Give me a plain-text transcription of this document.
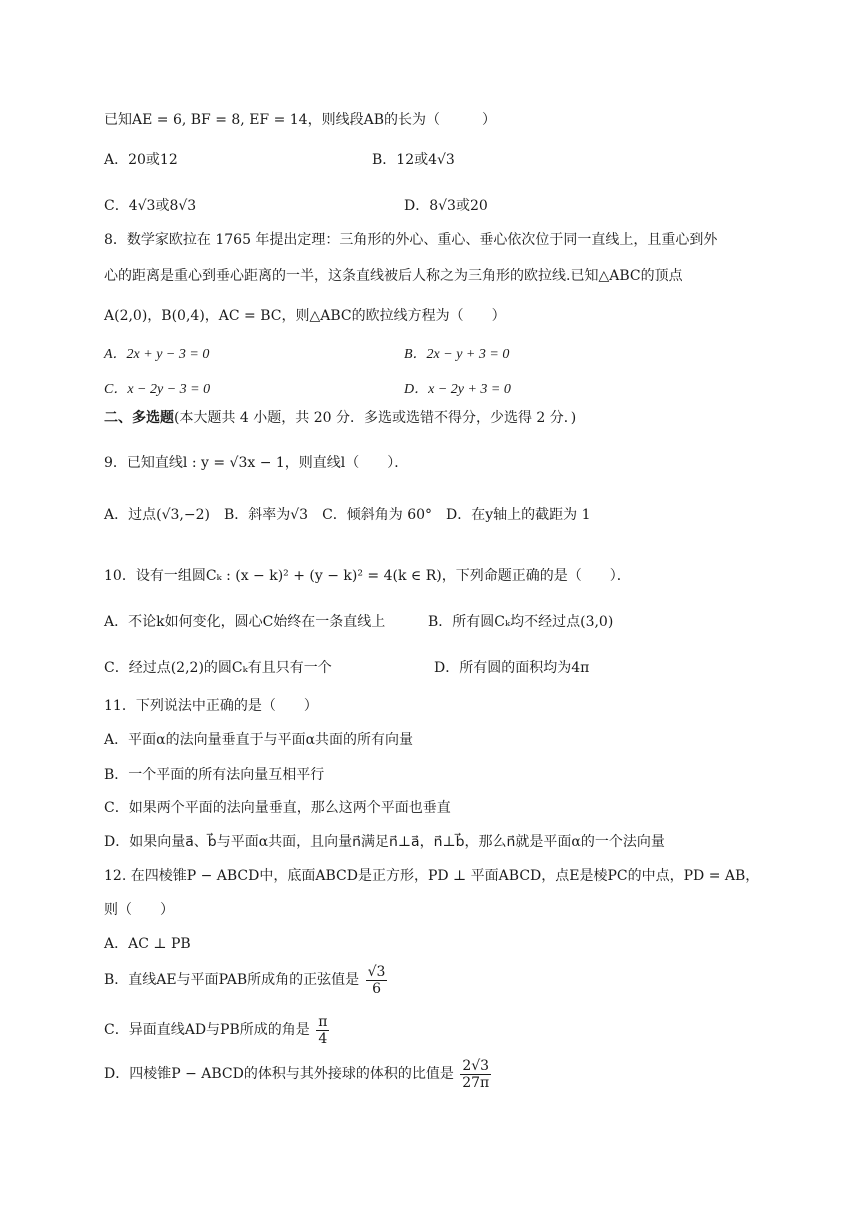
已知AE = 6, BF = 8, EF = 14，则线段AB的长为（　　　）
A．20或12	B．12或4√3
C．4√3或8√3	D．8√3或20
8．数学家欧拉在 1765 年提出定理：三角形的外心、重心、垂心依次位于同一直线上，且重心到外
心的距离是重心到垂心距离的一半，这条直线被后人称之为三角形的欧拉线.已知△ABC的顶点
A(2,0)，B(0,4)，AC = BC，则△ABC的欧拉线方程为（　　）
A．2x + y − 3 = 0	B．2x − y + 3 = 0
C．x − 2y − 3 = 0	D．x − 2y + 3 = 0
二、多选题(本大题共 4 小题，共 20 分．多选或选错不得分，少选得 2 分．)
9．已知直线l : y = √3x − 1，则直线l（　　）．
A．过点(√3,−2)　B．斜率为√3　C．倾斜角为 60°　D．在y轴上的截距为 1
10．设有一组圆Cₖ : (x − k)² + (y − k)² = 4(k ∈ R)，下列命题正确的是（　　）．
A．不论k如何变化，圆心C始终在一条直线上	B．所有圆Cₖ均不经过点(3,0)
C．经过点(2,2)的圆Cₖ有且只有一个	D．所有圆的面积均为4π
11．下列说法中正确的是（　　）
A．平面α的法向量垂直于与平面α共面的所有向量
B．一个平面的所有法向量互相平行
C．如果两个平面的法向量垂直，那么这两个平面也垂直
D．如果向量a⃗、b⃗与平面α共面，且向量n⃗满足n⃗⊥a⃗，n⃗⊥b⃗，那么n⃗就是平面α的一个法向量
12. 在四棱锥P − ABCD中，底面ABCD是正方形，PD ⊥ 平面ABCD，点E是棱PC的中点，PD = AB，
则（　　）
A．AC ⊥ PB
B．直线AE与平面PAB所成角的正弦值是 $\frac{√3}{6}$
C．异面直线AD与PB所成的角是 $\frac{\pi}{4}$
D．四棱锥P − ABCD的体积与其外接球的体积的比值是 $\frac{2√3}{27\pi}$
